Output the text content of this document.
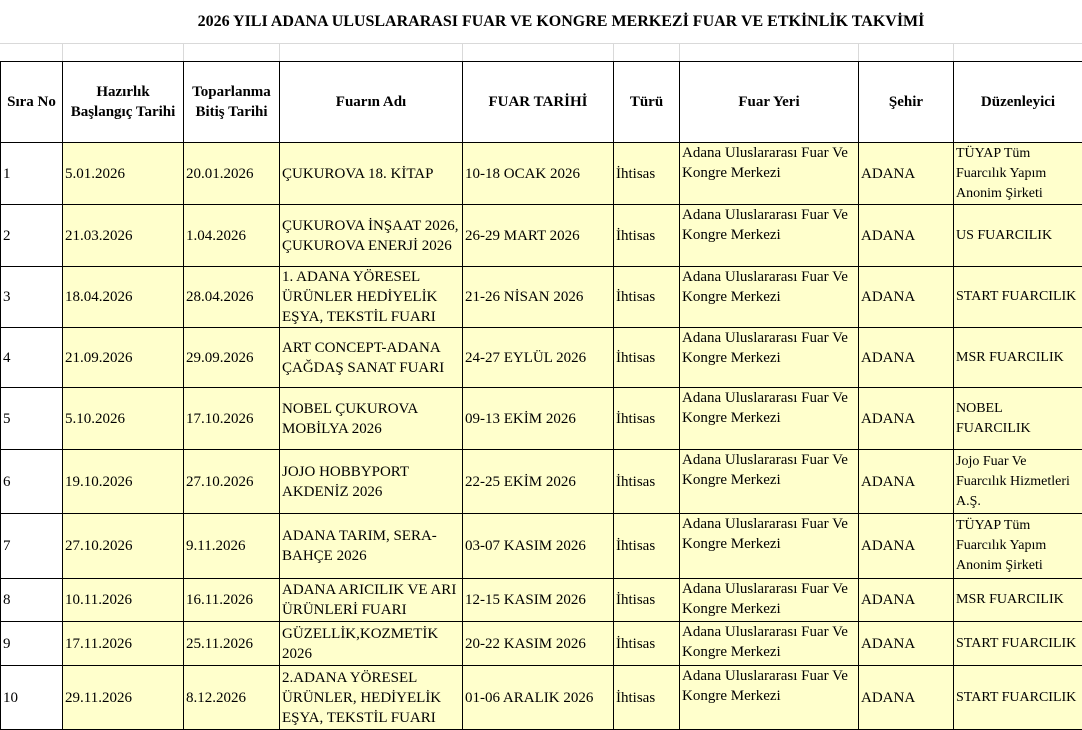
2026 YILI ADANA ULUSLARARASI FUAR VE KONGRE MERKEZİ FUAR VE ETKİNLİK TAKVİMİ
Sıra No	Hazırlık Başlangıç Tarihi	Toparlanma Bitiş Tarihi	Fuarın Adı	FUAR TARİHİ	Türü	Fuar Yeri	Şehir	Düzenleyici
1	5.01.2026	20.01.2026	ÇUKUROVA 18. KİTAP	10-18 OCAK 2026	İhtisas	Adana Uluslararası Fuar Ve Kongre Merkezi	ADANA	TÜYAP Tüm Fuarcılık Yapım Anonim Şirketi
2	21.03.2026	1.04.2026	ÇUKUROVA İNŞAAT 2026, ÇUKUROVA ENERJİ 2026	26-29 MART 2026	İhtisas	Adana Uluslararası Fuar Ve Kongre Merkezi	ADANA	US FUARCILIK
3	18.04.2026	28.04.2026	1. ADANA YÖRESEL ÜRÜNLER HEDİYELİK EŞYA, TEKSTİL FUARI	21-26 NİSAN 2026	İhtisas	Adana Uluslararası Fuar Ve Kongre Merkezi	ADANA	START FUARCILIK
4	21.09.2026	29.09.2026	ART CONCEPT-ADANA ÇAĞDAŞ SANAT FUARI	24-27 EYLÜL 2026	İhtisas	Adana Uluslararası Fuar Ve Kongre Merkezi	ADANA	MSR FUARCILIK
5	5.10.2026	17.10.2026	NOBEL ÇUKUROVA MOBİLYA 2026	09-13 EKİM 2026	İhtisas	Adana Uluslararası Fuar Ve Kongre Merkezi	ADANA	NOBEL FUARCILIK
6	19.10.2026	27.10.2026	JOJO HOBBYPORT AKDENİZ 2026	22-25 EKİM 2026	İhtisas	Adana Uluslararası Fuar Ve Kongre Merkezi	ADANA	Jojo Fuar Ve Fuarcılık Hizmetleri A.Ş.
7	27.10.2026	9.11.2026	ADANA TARIM, SERA-BAHÇE 2026	03-07 KASIM 2026	İhtisas	Adana Uluslararası Fuar Ve Kongre Merkezi	ADANA	TÜYAP Tüm Fuarcılık Yapım Anonim Şirketi
8	10.11.2026	16.11.2026	ADANA ARICILIK VE ARI ÜRÜNLERİ FUARI	12-15 KASIM 2026	İhtisas	Adana Uluslararası Fuar Ve Kongre Merkezi	ADANA	MSR FUARCILIK
9	17.11.2026	25.11.2026	GÜZELLİK,KOZMETİK 2026	20-22 KASIM 2026	İhtisas	Adana Uluslararası Fuar Ve Kongre Merkezi	ADANA	START FUARCILIK
10	29.11.2026	8.12.2026	2.ADANA YÖRESEL ÜRÜNLER, HEDİYELİK EŞYA, TEKSTİL FUARI	01-06 ARALIK 2026	İhtisas	Adana Uluslararası Fuar Ve Kongre Merkezi	ADANA	START FUARCILIK
